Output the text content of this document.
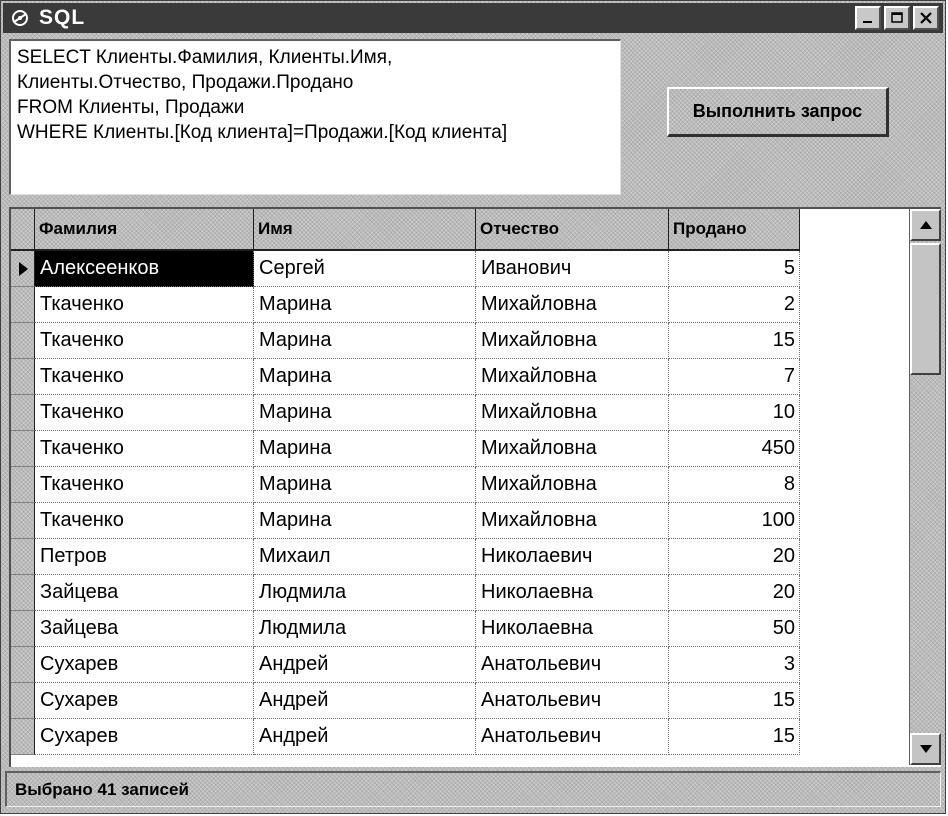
SQL
SELECT Клиенты.Фамилия, Клиенты.Имя,
Клиенты.Отчество, Продажи.Продано
FROM Клиенты, Продажи
WHERE Клиенты.[Код клиента]=Продажи.[Код клиента]
Выполнить запрос
Фамилия	Имя	Отчество	Продано
Алексеенков	Сергей	Иванович	5
Ткаченко	Марина	Михайловна	2
Ткаченко	Марина	Михайловна	15
Ткаченко	Марина	Михайловна	7
Ткаченко	Марина	Михайловна	10
Ткаченко	Марина	Михайловна	450
Ткаченко	Марина	Михайловна	8
Ткаченко	Марина	Михайловна	100
Петров	Михаил	Николаевич	20
Зайцева	Людмила	Николаевна	20
Зайцева	Людмила	Николаевна	50
Сухарев	Андрей	Анатольевич	3
Сухарев	Андрей	Анатольевич	15
Сухарев	Андрей	Анатольевич	15
Выбрано 41 записей
